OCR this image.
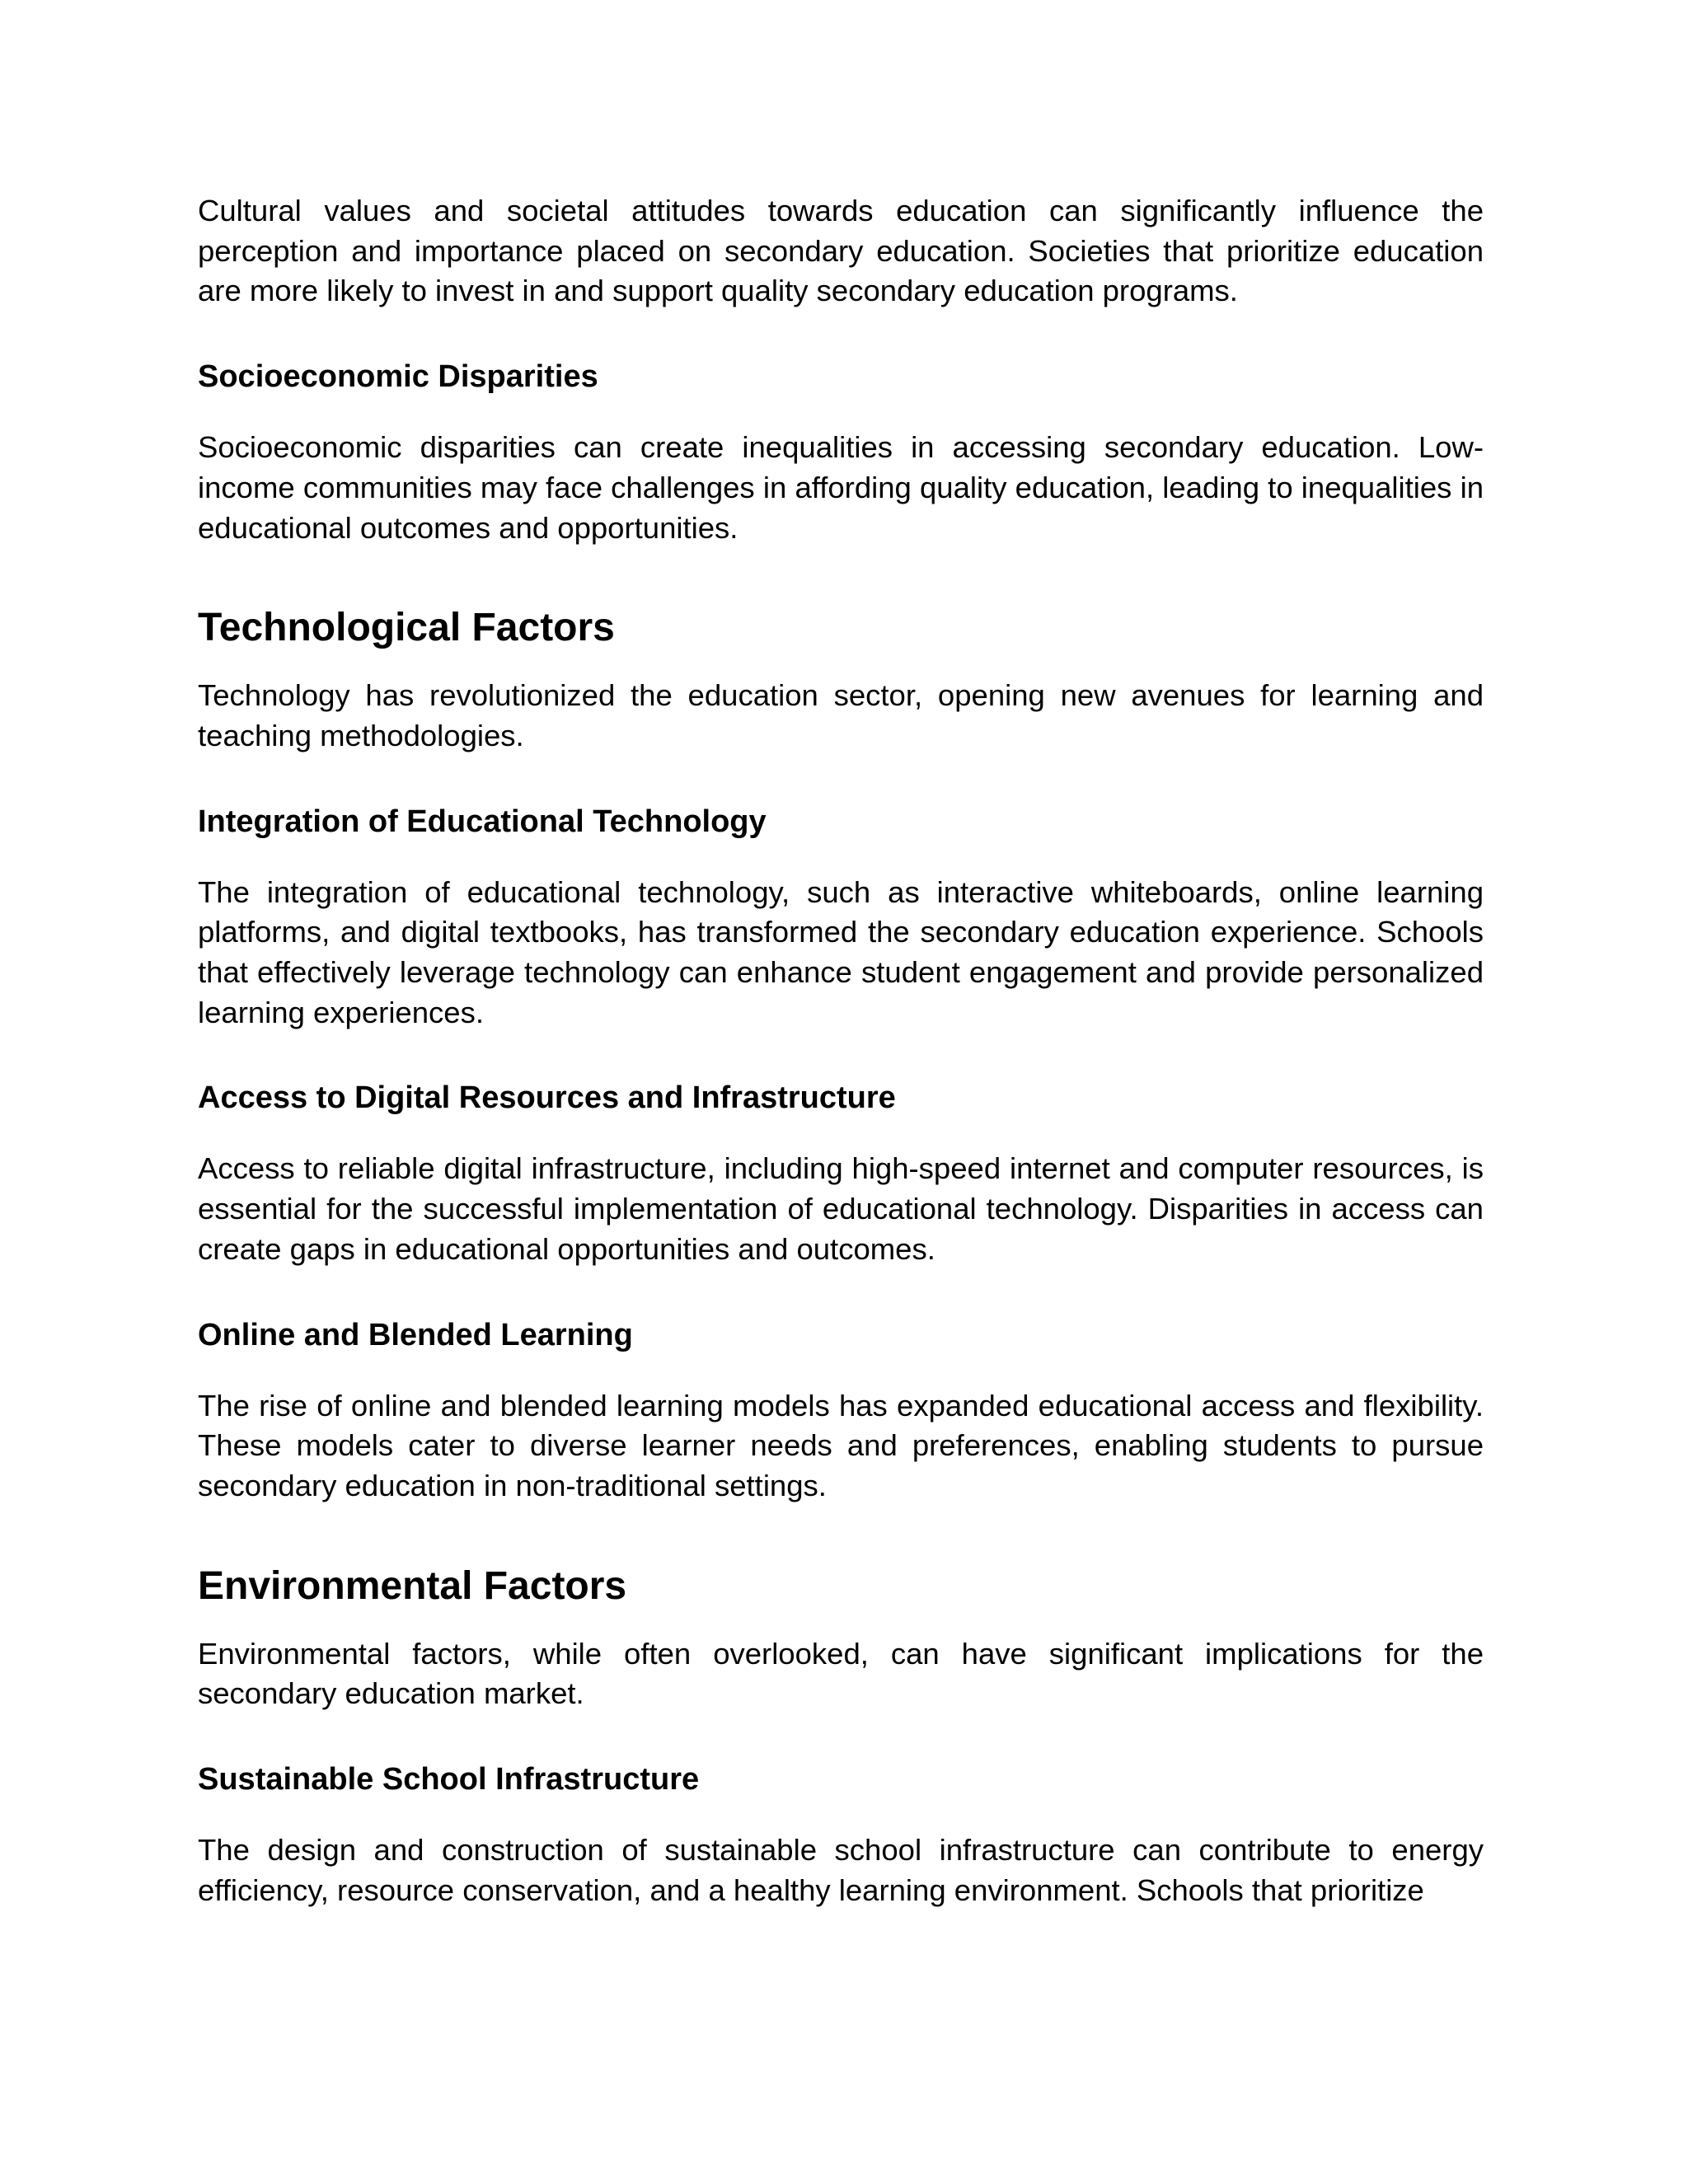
Cultural values and societal attitudes towards education can significantly influence the perception and importance placed on secondary education. Societies that prioritize education are more likely to invest in and support quality secondary education programs.

Socioeconomic Disparities

Socioeconomic disparities can create inequalities in accessing secondary education. Low-income communities may face challenges in affording quality education, leading to inequalities in educational outcomes and opportunities.

Technological Factors

Technology has revolutionized the education sector, opening new avenues for learning and teaching methodologies.

Integration of Educational Technology

The integration of educational technology, such as interactive whiteboards, online learning platforms, and digital textbooks, has transformed the secondary education experience. Schools that effectively leverage technology can enhance student engagement and provide personalized learning experiences.

Access to Digital Resources and Infrastructure

Access to reliable digital infrastructure, including high-speed internet and computer resources, is essential for the successful implementation of educational technology. Disparities in access can create gaps in educational opportunities and outcomes.

Online and Blended Learning

The rise of online and blended learning models has expanded educational access and flexibility. These models cater to diverse learner needs and preferences, enabling students to pursue secondary education in non-traditional settings.

Environmental Factors

Environmental factors, while often overlooked, can have significant implications for the secondary education market.

Sustainable School Infrastructure

The design and construction of sustainable school infrastructure can contribute to energy efficiency, resource conservation, and a healthy learning environment. Schools that prioritize
